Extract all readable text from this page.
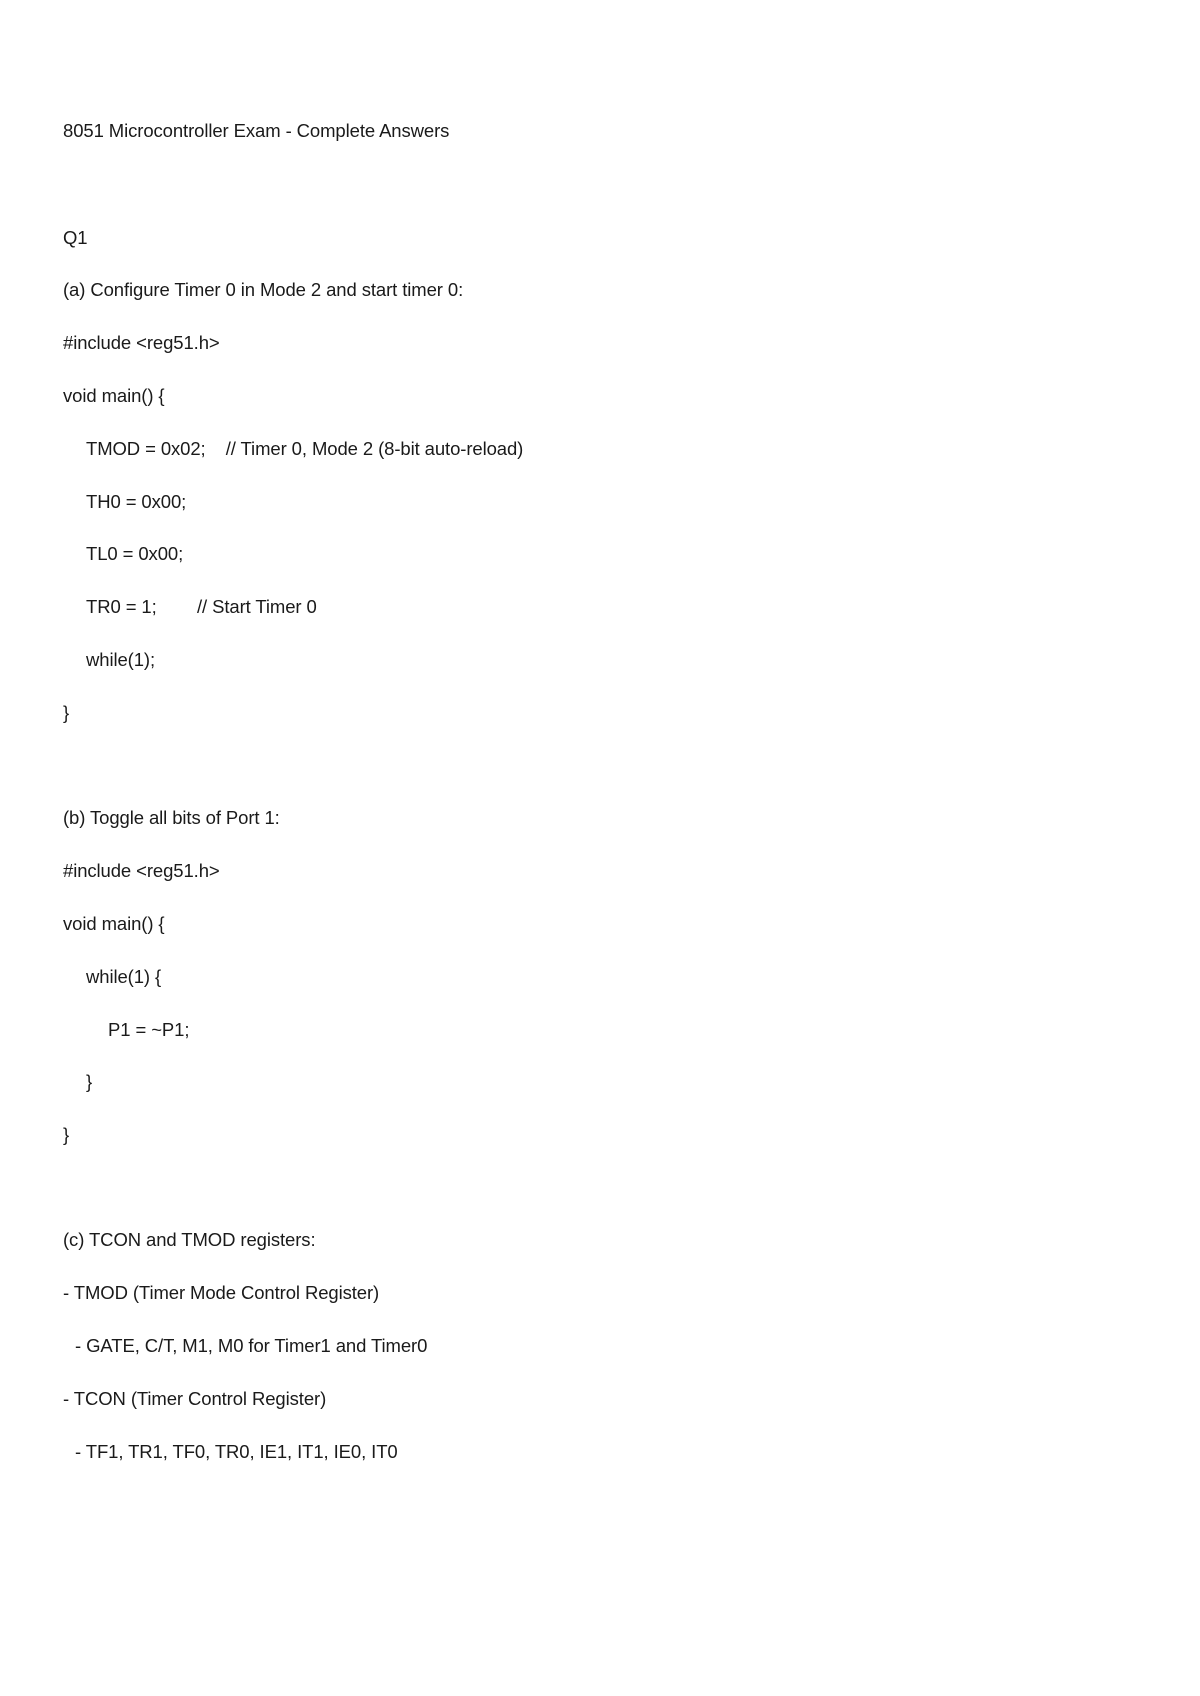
8051 Microcontroller Exam - Complete Answers
Q1
(a) Configure Timer 0 in Mode 2 and start timer 0:
#include <reg51.h>
void main() {
TMOD = 0x02;    // Timer 0, Mode 2 (8-bit auto-reload)
TH0 = 0x00;
TL0 = 0x00;
TR0 = 1;        // Start Timer 0
while(1);
}
(b) Toggle all bits of Port 1:
#include <reg51.h>
void main() {
while(1) {
P1 = ~P1;
}
}
(c) TCON and TMOD registers:
- TMOD (Timer Mode Control Register)
- GATE, C/T, M1, M0 for Timer1 and Timer0
- TCON (Timer Control Register)
- TF1, TR1, TF0, TR0, IE1, IT1, IE0, IT0
